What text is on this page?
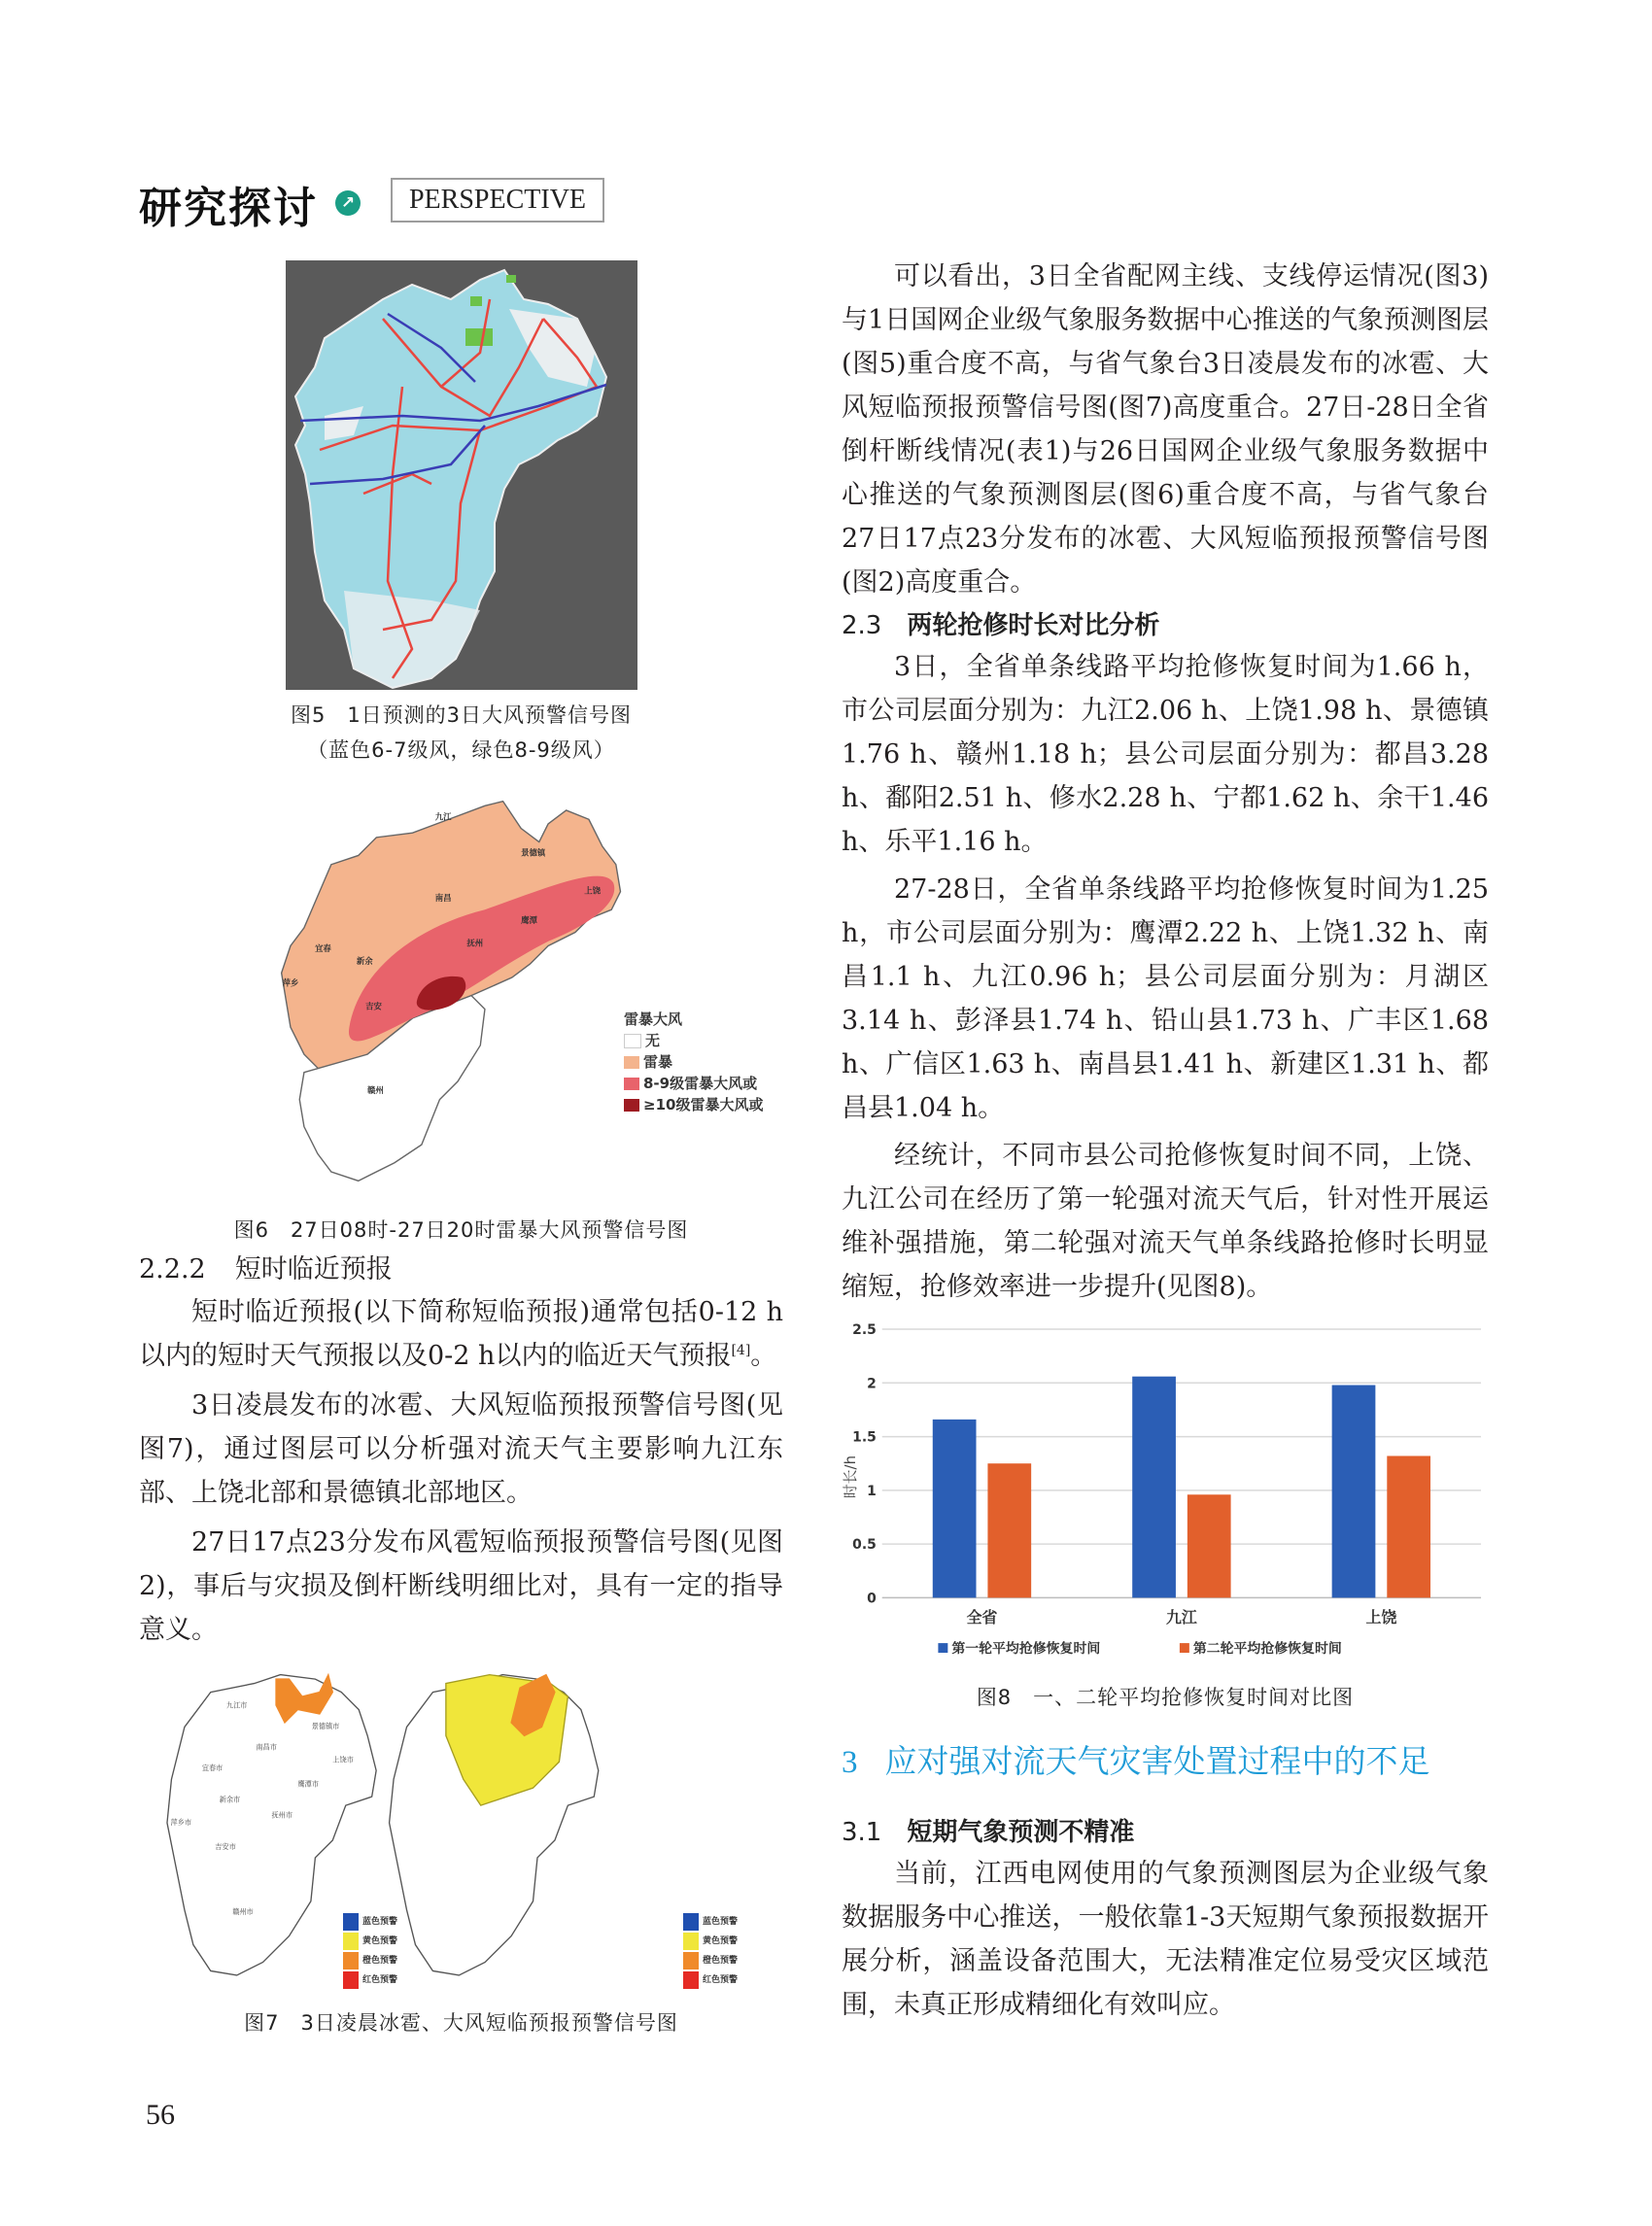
研究探讨	↗	PERSPECTIVE
图5　1日预测的3日大风预警信号图
（蓝色6-7级风，绿色8-9级风）
九江
景德镇
南昌
上饶
鹰潭
抚州
宜春
新余
萍乡
吉安
赣州
雷暴大风
无
雷暴
8-9级雷暴大风或
≥10级雷暴大风或
图6　27日08时-27日20时雷暴大风预警信号图
2.2.2 短时临近预报

短时临近预报(以下简称短临预报)通常包括0-12 h以内的短时天气预报以及0-2 h以内的临近天气预报[4]。

3日凌晨发布的冰雹、大风短临预报预警信号图(见图7)，通过图层可以分析强对流天气主要影响九江东部、上饶北部和景德镇北部地区。

27日17点23分发布风雹短临预报预警信号图(见图2)，事后与灾损及倒杆断线明细比对，具有一定的指导意义。

九江市
景德镇市
南昌市
上饶市
宜春市
鹰潭市
新余市
萍乡市
抚州市
吉安市
赣州市
蓝色预警
黄色预警
橙色预警
红色预警
蓝色预警
黄色预警
橙色预警
红色预警
图7　3日凌晨冰雹、大风短临预报预警信号图

可以看出，3日全省配网主线、支线停运情况(图3)与1日国网企业级气象服务数据中心推送的气象预测图层(图5)重合度不高，与省气象台3日凌晨发布的冰雹、大风短临预报预警信号图(图7)高度重合。27日-28日全省倒杆断线情况(表1)与26日国网企业级气象服务数据中心推送的气象预测图层(图6)重合度不高，与省气象台27日17点23分发布的冰雹、大风短临预报预警信号图(图2)高度重合。

2.3 两轮抢修时长对比分析

3日，全省单条线路平均抢修恢复时间为1.66 h，市公司层面分别为：九江2.06 h、上饶1.98 h、景德镇1.76 h、赣州1.18 h；县公司层面分别为：都昌3.28 h、鄱阳2.51 h、修水2.28 h、宁都1.62 h、余干1.46 h、乐平1.16 h。

27-28日，全省单条线路平均抢修恢复时间为1.25 h，市公司层面分别为：鹰潭2.22 h、上饶1.32 h、南昌1.1 h、九江0.96 h；县公司层面分别为：月湖区3.14 h、彭泽县1.74 h、铅山县1.73 h、广丰区1.68 h、广信区1.63 h、南昌县1.41 h、新建区1.31 h、都昌县1.04 h。

经统计，不同市县公司抢修恢复时间不同，上饶、九江公司在经历了第一轮强对流天气后，针对性开展运维补强措施，第二轮强对流天气单条线路抢修时长明显缩短，抢修效率进一步提升(见图8)。

0
0.5
1
1.5
2
2.5
时长/h
全省	九江	上饶
第一轮平均抢修恢复时间	第二轮平均抢修恢复时间
图8　一、二轮平均抢修恢复时间对比图
3 应对强对流天气灾害处置过程中的不足
3.1 短期气象预测不精准

当前，江西电网使用的气象预测图层为企业级气象数据服务中心推送，一般依靠1-3天短期气象预报数据开展分析，涵盖设备范围大，无法精准定位易受灾区域范围，未真正形成精细化有效叫应。

56
